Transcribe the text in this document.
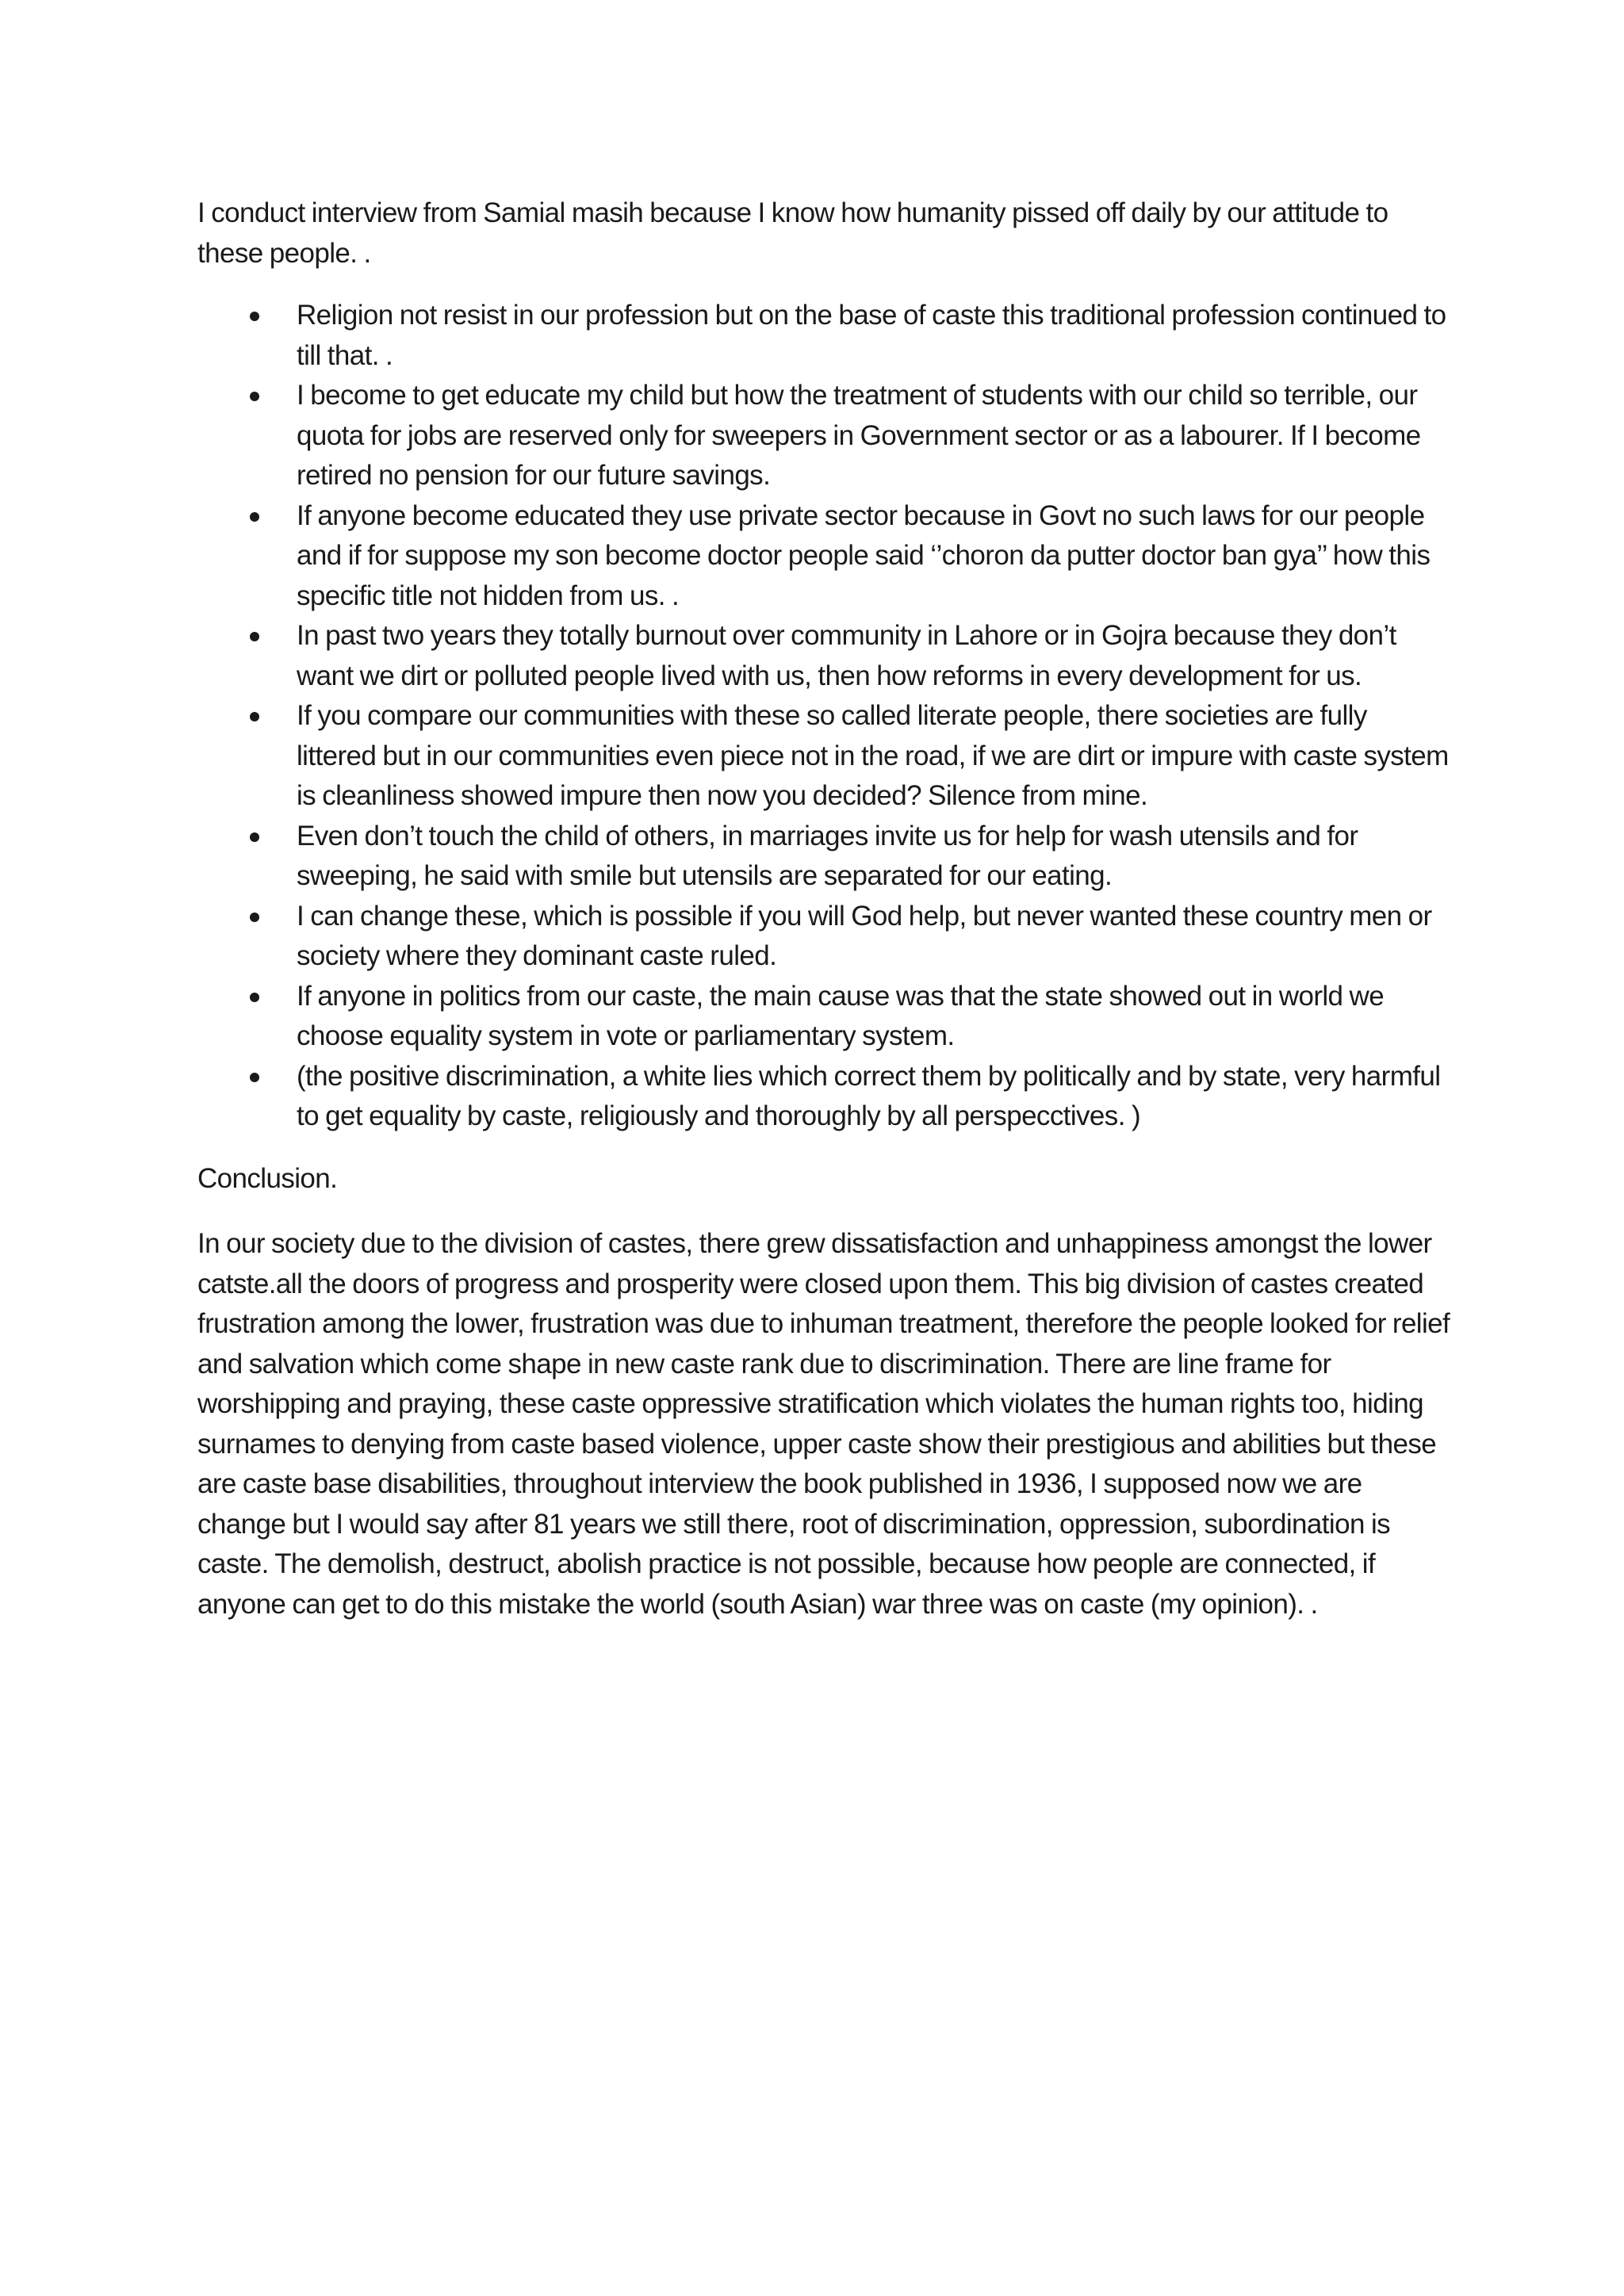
I conduct interview from Samial masih because I know how humanity pissed off daily by our attitude to these people. .

Religion not resist in our profession but on the base of caste this traditional profession continued to till that. .
I become to get educate my child but how the treatment of students with our child so terrible, our quota for jobs are reserved only for sweepers in Government sector or as a labourer. If I become retired no pension for our future savings.
If anyone become educated they use private sector because in Govt no such laws for our people and if for suppose my son become doctor people said ‘’choron da putter doctor ban gya’’ how this specific title not hidden from us. .
In past two years they totally burnout over community in Lahore or in Gojra because they don’t want we dirt or polluted people lived with us, then how reforms in every development for us.
If you compare our communities with these so called literate people, there societies are fully littered but in our communities even piece not in the road, if we are dirt or impure with caste system is cleanliness showed impure then now you decided? Silence from mine.
Even don’t touch the child of others, in marriages invite us for help for wash utensils and for sweeping, he said with smile but utensils are separated for our eating.
I can change these, which is possible if you will God help, but never wanted these country men or society where they dominant caste ruled.
If anyone in politics from our caste, the main cause was that the state showed out in world we choose equality system in vote or parliamentary system.
(the positive discrimination, a white lies which correct them by politically and by state, very harmful to get equality by caste, religiously and thoroughly by all perspecctives. )

Conclusion.

In our society due to the division of castes, there grew dissatisfaction and unhappiness amongst the lower catste.all the doors of progress and prosperity were closed upon them. This big division of castes created frustration among the lower, frustration was due to inhuman treatment, therefore the people looked for relief and salvation which come shape in new caste rank due to discrimination. There are line frame for worshipping and praying, these caste oppressive stratification which violates the human rights too, hiding surnames to denying from caste based violence, upper caste show their prestigious and abilities but these are caste base disabilities, throughout interview the book published in 1936, I supposed now we are change but I would say after 81 years we still there, root of discrimination, oppression, subordination is caste. The demolish, destruct, abolish practice is not possible, because how people are connected, if anyone can get to do this mistake the world (south Asian) war three was on caste (my opinion). .
